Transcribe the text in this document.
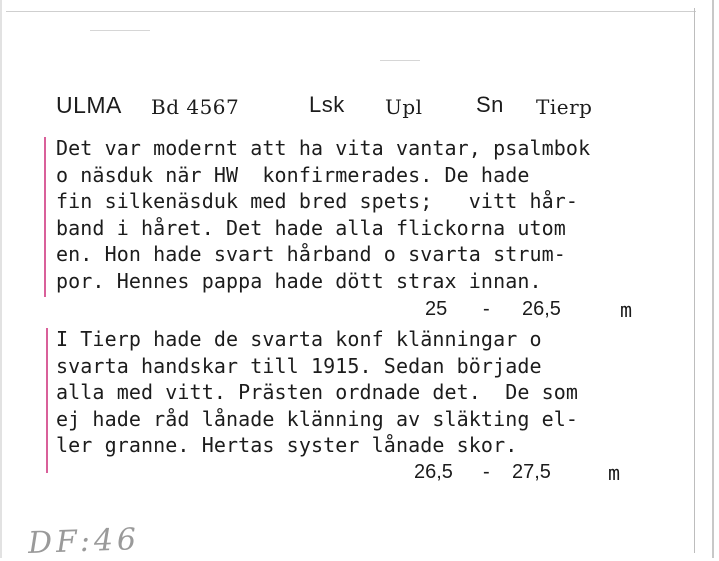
ULMA Bd 4567	Lsk Upl Sn Tierp
Det var modernt att ha vita vantar, psalmbok
o näsduk när HW  konfirmerades. De hade
fin silkenäsduk med bred spets;   vitt hår-
band i håret. Det hade alla flickorna utom
en. Hon hade svart hårband o svarta strum-
por. Hennes pappa hade dött strax innan.
25 - 26,5	m
I Tierp hade de svarta konf klänningar o
svarta handskar till 1915. Sedan började
alla med vitt. Prästen ordnade det.  De som
ej hade råd lånade klänning av släkting el-
ler granne. Hertas syster lånade skor.
26,5 - 27,5	m
DF:46
